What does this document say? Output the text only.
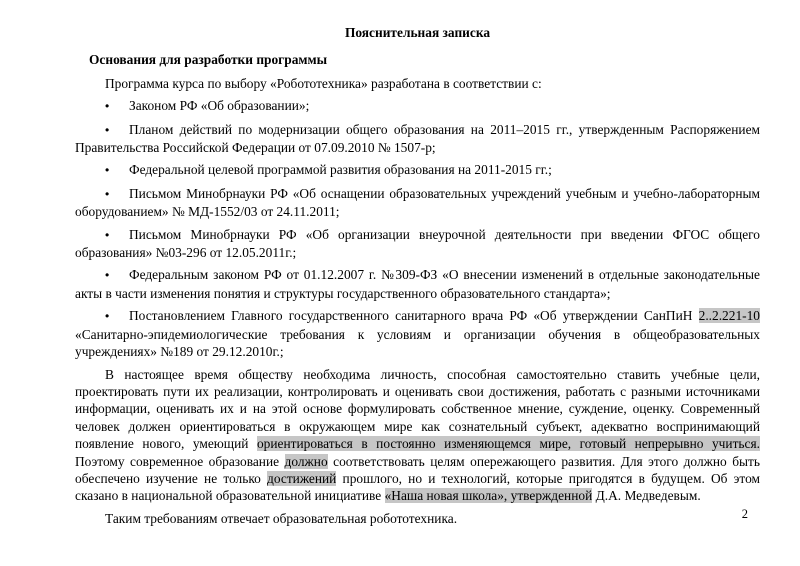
Пояснительная записка

Основания для разработки программы

Программа курса по выбору «Робототехника» разработана в соответствии с:

• Законом РФ «Об образовании»;

• Планом действий по модернизации общего образования на 2011–2015 гг., утвержденным Распоряжением Правительства Российской Федерации от 07.09.2010 № 1507-р;

• Федеральной целевой программой развития образования на 2011-2015 гг.;

• Письмом Минобрнауки РФ «Об оснащении образовательных учреждений учебным и учебно-лабораторным оборудованием» № МД-1552/03 от 24.11.2011;

• Письмом Минобрнауки РФ «Об организации внеурочной деятельности при введении ФГОС общего образования» №03-296 от 12.05.2011г.;

• Федеральным законом РФ от 01.12.2007 г. №309-ФЗ «О внесении изменений в отдельные законодательные акты в части изменения понятия и структуры государственного образовательного стандарта»;

• Постановлением Главного государственного санитарного врача РФ «Об утверждении СанПиН 2..2.221-10 «Санитарно-эпидемиологические требования к условиям и организации обучения в общеобразовательных учреждениях» №189 от 29.12.2010г.;

В настоящее время обществу необходима личность, способная самостоятельно ставить учебные цели, проектировать пути их реализации, контролировать и оценивать свои достижения, работать с разными источниками информации, оценивать их и на этой основе формулировать собственное мнение, суждение, оценку. Современный человек должен ориентироваться в окружающем мире как сознательный субъект, адекватно воспринимающий появление нового, умеющий ориентироваться в постоянно изменяющемся мире, готовый непрерывно учиться. Поэтому современное образование должно соответствовать целям опережающего развития. Для этого должно быть обеспечено изучение не только достижений прошлого, но и технологий, которые пригодятся в будущем. Об этом сказано в национальной образовательной инициативе «Наша новая школа», утвержденной Д.А. Медведевым.

Таким требованиям отвечает образовательная робототехника.	2
